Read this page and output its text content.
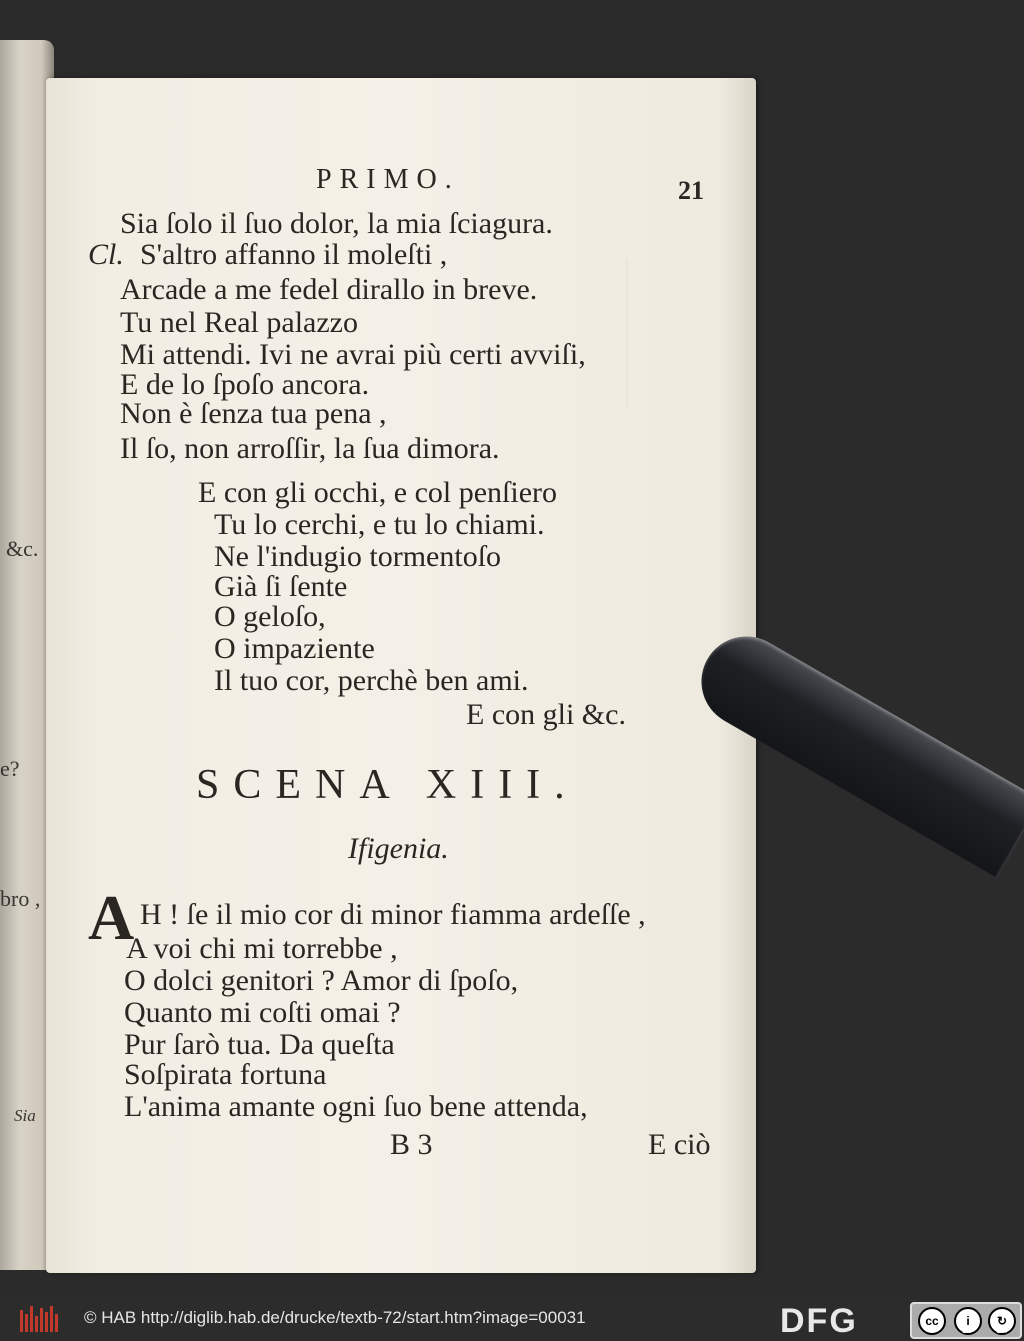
&c.
e?
bro ,
Sia
PRIMO.	21
Sia ſolo il ſuo dolor, la mia ſciagura.
Cl. S'altro affanno il moleſti ,
Arcade a me fedel dirallo in breve.
Tu nel Real palazzo
Mi attendi. Ivi ne avrai più certi avviſi,
E de lo ſpoſo ancora.
Non è ſenza tua pena ,
Il ſo, non arroſſir, la ſua dimora.
E con gli occhi, e col penſiero
Tu lo cerchi, e tu lo chiami.
Ne l'indugio tormentoſo
Già ſi ſente
O geloſo,
O impaziente
Il tuo cor, perchè ben ami.
E con gli &c.
SCENA XIII.
Ifigenia.
A H ! ſe il mio cor di minor fiamma ardeſſe ,
A voi chi mi torrebbe ,
O dolci genitori ? Amor di ſpoſo,
Quanto mi coſti omai ?
Pur ſarò tua. Da queſta
Soſpirata fortuna
L'anima amante ogni ſuo bene attenda,
B 3	E ciò
© HAB http://diglib.hab.de/drucke/textb-72/start.htm?image=00031	DFG	cc	i	↻
BY	SA
